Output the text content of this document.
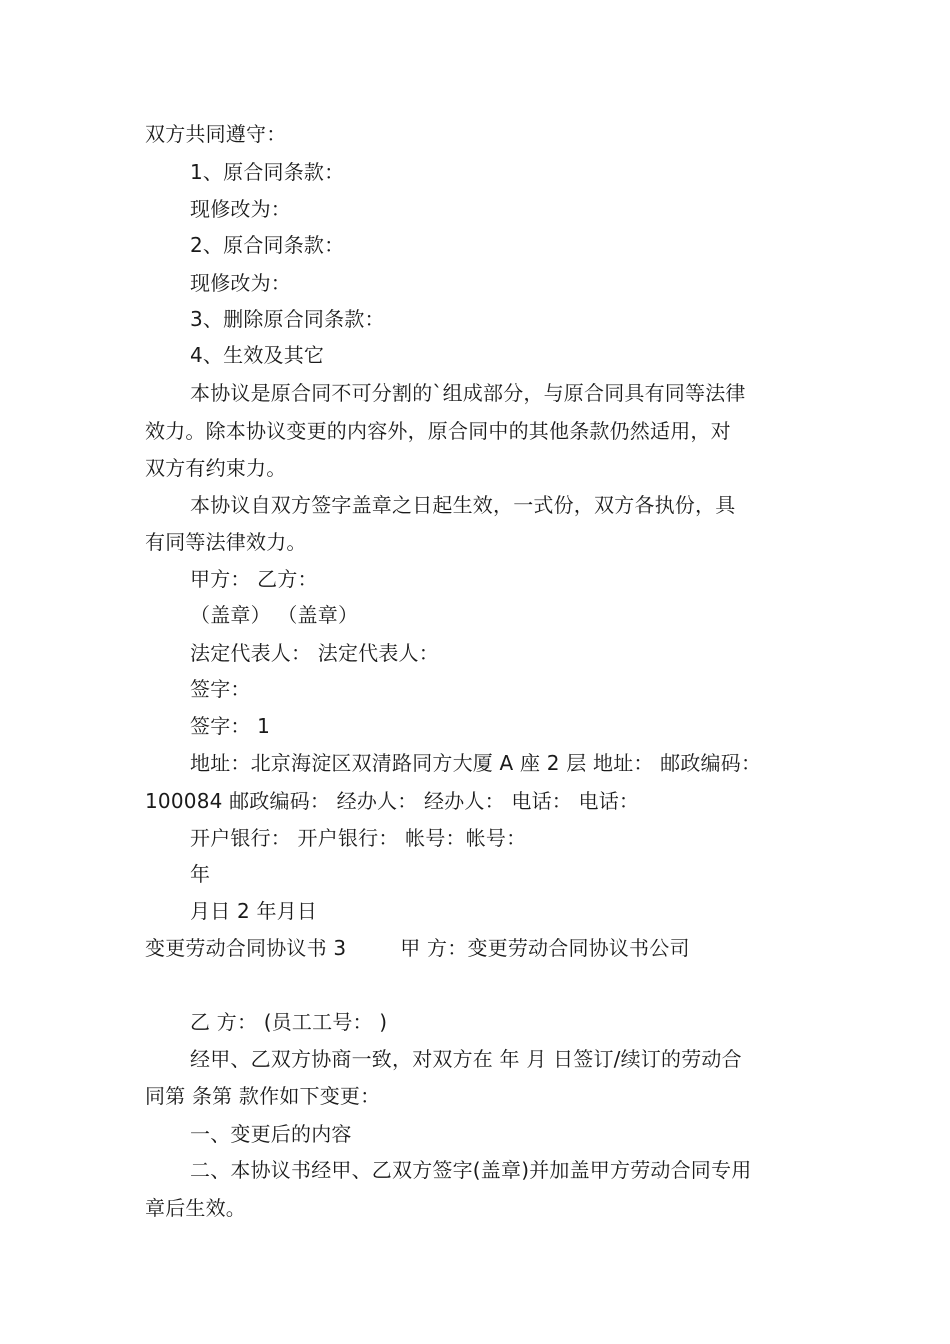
双方共同遵守：
1、原合同条款：
现修改为：
2、原合同条款：
现修改为：
3、删除原合同条款：
4、生效及其它
本协议是原合同不可分割的`组成部分，与原合同具有同等法律
效力。除本协议变更的内容外，原合同中的其他条款仍然适用，对
双方有约束力。
本协议自双方签字盖章之日起生效，一式份，双方各执份，具
有同等法律效力。
甲方： 乙方：
（盖章） （盖章）
法定代表人： 法定代表人：
签字：
签字： 1
地址：北京海淀区双清路同方大厦 A 座 2 层 地址： 邮政编码：
100084 邮政编码： 经办人： 经办人： 电话： 电话：
开户银行： 开户银行： 帐号：帐号：
年
月日 2 年月日
变更劳动合同协议书 3	甲 方：变更劳动合同协议书公司
乙 方： (员工工号： )
经甲、乙双方协商一致，对双方在 年 月 日签订/续订的劳动合
同第 条第 款作如下变更：
一、变更后的内容
二、本协议书经甲、乙双方签字(盖章)并加盖甲方劳动合同专用
章后生效。
